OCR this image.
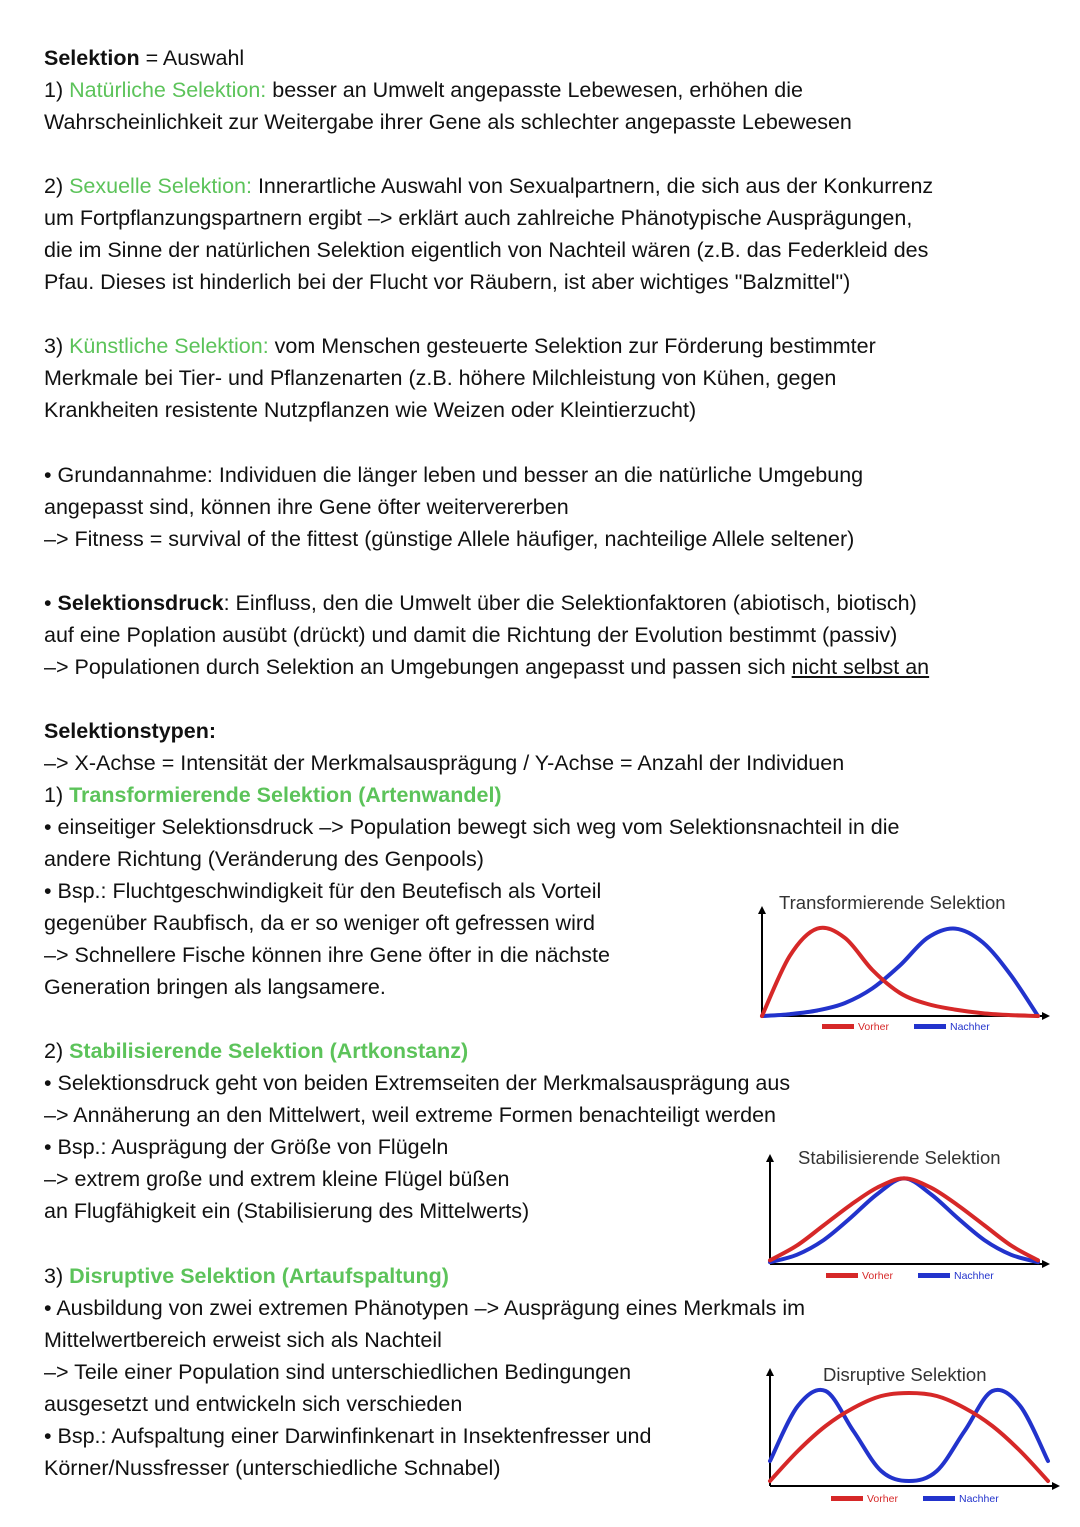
Selektion = Auswahl
1) Natürliche Selektion: besser an Umwelt angepasste Lebewesen, erhöhen die
Wahrscheinlichkeit zur Weitergabe ihrer Gene als schlechter angepasste Lebewesen
2) Sexuelle Selektion: Innerartliche Auswahl von Sexualpartnern, die sich aus der Konkurrenz
um Fortpflanzungspartnern ergibt –> erklärt auch zahlreiche Phänotypische Ausprägungen,
die im Sinne der natürlichen Selektion eigentlich von Nachteil wären (z.B. das Federkleid des
Pfau. Dieses ist hinderlich bei der Flucht vor Räubern, ist aber wichtiges "Balzmittel")
3) Künstliche Selektion: vom Menschen gesteuerte Selektion zur Förderung bestimmter
Merkmale bei Tier- und Pflanzenarten (z.B. höhere Milchleistung von Kühen, gegen
Krankheiten resistente Nutzpflanzen wie Weizen oder Kleintierzucht)
• Grundannahme: Individuen die länger leben und besser an die natürliche Umgebung
angepasst sind, können ihre Gene öfter weitervererben
–> Fitness = survival of the fittest (günstige Allele häufiger, nachteilige Allele seltener)
• Selektionsdruck: Einfluss, den die Umwelt über die Selektionfaktoren (abiotisch, biotisch)
auf eine Poplation ausübt (drückt) und damit die Richtung der Evolution bestimmt (passiv)
–> Populationen durch Selektion an Umgebungen angepasst und passen sich nicht selbst an
Selektionstypen:
–> X-Achse = Intensität der Merkmalsausprägung / Y-Achse = Anzahl der Individuen
1) Transformierende Selektion (Artenwandel)
• einseitiger Selektionsdruck –> Population bewegt sich weg vom Selektionsnachteil in die
andere Richtung (Veränderung des Genpools)
• Bsp.: Fluchtgeschwindigkeit für den Beutefisch als Vorteil
gegenüber Raubfisch, da er so weniger oft gefressen wird
–> Schnellere Fische können ihre Gene öfter in die nächste
Generation bringen als langsamere.
2) Stabilisierende Selektion (Artkonstanz)
• Selektionsdruck geht von beiden Extremseiten der Merkmalsausprägung aus
–> Annäherung an den Mittelwert, weil extreme Formen benachteiligt werden
• Bsp.: Ausprägung der Größe von Flügeln
–> extrem große und extrem kleine Flügel büßen
an Flugfähigkeit ein (Stabilisierung des Mittelwerts)
3) Disruptive Selektion (Artaufspaltung)
• Ausbildung von zwei extremen Phänotypen –> Ausprägung eines Merkmals im
Mittelwertbereich erweist sich als Nachteil
–> Teile einer Population sind unterschiedlichen Bedingungen
ausgesetzt und entwickeln sich verschieden
• Bsp.: Aufspaltung einer Darwinfinkenart in Insektenfresser und
Körner/Nussfresser (unterschiedliche Schnabel)
Transformierende Selektion
Vorher	Nachher
Stabilisierende Selektion
Vorher	Nachher
Disruptive Selektion
Vorher	Nachher
